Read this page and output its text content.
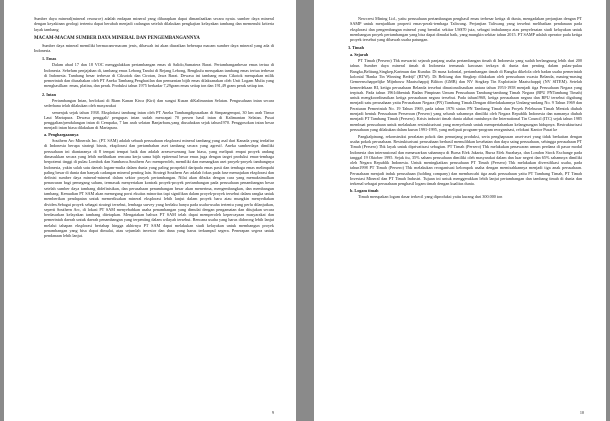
Sumber daya mineral(mineral resource) adalah endapan mineral yang diharapkan dapat dimanfaatkan secara nyata. sumber daya mineral dengan keyakinan geologi tertentu dapat berubah menjadi cadangan setelah dilakukan pengkajian kelayakan tambang dan memenuhi kriteria layak tambang

MACAM-MACAM SUMBER DAYA MINERAL DAN PENGEMBANGANNYA

Sumber daya mineral memiliki bermacam-macam jenis, dibawah ini akan diuraikan beberapa macam sumber daya mineral yang ada di Indonesia.

1. Emas

Dalam abad 17 dan 18 VOC menggalakkan pertambangan emas di Salido,Sumatera Barat. Pertambanganbesar emas tertua di Indonesia. Sebelum penjajahan di, tambang emas Lebong Tandai di Rejang Lebong, Bengkulu merupakan tambang emas tertua terbesar di Indonesia. Tambang besar terbesar di Ciksotok dan Cirotan, Jawa Barat. Dewasa ini tambang emas Cikotok merupakan milik pemerintah dan diusahakan oleh PT Aneka Tambang.Penghasilan dan pemurnian bijih emas dilaksanakan oleh Unit Logam Mulia yang menghasilkan: emas, platina, dan perak. Produksi tahun 1975 berkadar 7,29gram emas setiap ton dan 191,49 gram perak setiap ton.

2. Intan

Pertambangan Intan, berlokasi di Riam Kanan Kiwa (Kiri) dan sungai Kusan diKalimantan Selatan. Pengusahaan intan secara sederhana telah dilakukan oleh masyarakat

semenjak sejak tahun 1938. Eksploitasi tambang intan oleh PT Aneka Tambangdipusatkan di Simpangempat, 30 km arah Timur Laut Martapura. Dewasa penggali/ pengupas intan sudah mencapai 70 persen hasil intan di Kalimantan Selatan. Pusat penggalian/pendulangan intan di Cempaka, 7 km arah selatan Banjarbaru,yang diusahakan sejak tahun1970. Penggosokan intan besar menjadi intan biasa dilakukan di Martapura.

a. Penghargaannya

Southern Arc Minerals Inc. (PT. SAM) adalah sebuah perusahaan eksplorasi mineral tambang yang asal dari Kanada yang terdaftar di Indonesia berupa strategi bisnis, eksplorasi dan pertambahan aset tambang secara yang agresif. Aneka sumberdaya dimiliki perusahaan ini diantaranya di 8 tempat tempat baik dan adalah areawewenang luar biasa, yang meliputi empat proyek andang dimasukkan secara yang lebih melibatkan rencana kerja sama bijih epitermal besar emas juga dengan target produksi emas-tembaga berpotensi tinggi di pulau Lombok dan Sumbawa.Southern Arc memperoleh, memiliki dan menangkan aset proyek-proyek tambangnya Indonesia, yakin salah satu daerah logam-mulia dalam dunia yang paling prospektif daripada emas pasti dan tembaga emas melimpahi paling besar di dunia dan banyak cadangan mineral penting lain. Strategi Southern Arc adalah fokus pada fase memajukan eksplorasi dan definisi sumber daya mineral-mineral dalam sektor proyek pertambangan. Nilai akan dibuka dengan cara yang memaksimalkan penawaran bagi pemegang saham, termasuk menyertakan kontrak proyek-proyek pertambangan pada perusahaan penambangan besar setelah sumber daya tambang didefinisikan, dan perusahaan penambangan besar akan menerima, mengembangkan, dan membangun tambang. Kemudian PT SAM akan memegang porsi ekuitas minoritas tapi signifikan dalam proyek-proyek tersebut dalam rangka untuk memberikan pendapatan untuk memeriksakan mineral eksplorasi lebih lanjut dalam proyek baru atau mungkin menyediakan dividen.Sebagai proyek sebagai strategi tersebut, lembaga survey yang berlaku hanya pada usaha-usaha tertentu yang perlu dilanjutkan, seperti Southern Arc, di lokasi PT SAM menyebabkan usaha penambangan yang dimulai dengan pengamatan dan ditujukan secara berdasarkan kelayakan tambang ditetapkan. Mengatakan bahwa PT SAM telah dapat memperoleh kepercayaan masyarakat dan pemerintah daerah untuk daerah penambangan yang terpenting dalam wilayah tersebut. Rencana usaha yang harus didorong lebih lanjut melalui tahapan eksplorasi bertahap hingga akhirnya PT SAM dapat melakukan studi kelayakan untuk membangun proyek penambangan yang bisa dapat dimulai, atau sejumlah investor dan dana yang harus terkumpul segera. Penerapan segera untuk pendanaan lebih lanjut.

9

Newcrest Mining Ltd., yaitu perusahaan pertambangan penghasil emas terbesar ketiga di dunia, mengadakan perjanjian dengan PT SAMP untuk menjadikan properti emas-perak-tembaga Taliwang. Perjanjian Taliwang yang tersebut melibatkan pendanaan pada eksplorasi dan pengembangan mineral yang bernilai sekitar US$70 juta, sebagai imbalannya atas penyelesaian studi kelayakan untuk membangun proyek pertambangan yang bisa dapat dimulai baik, yang mungkin sekitar tahun 2015. PT SAMP adalah operator pada ketiga proyek tersebut yang dibawah usaha patungan.

3. Timah
a. Sejarah

PT Timah (Persero) Tbk mewarisi sejarah panjang usaha pertambangan timah di Indonesia yang sudah berlangsung lebih dari 200 tahun. Sumber daya mineral timah di Indonesia termasuk kawasan terkaya di dunia dan penting dalam pulau-pulau Bangka,Belitung,Singkep,Karimun dan Kundur. Di masa kolonial, pertambangan timah di Bangka dikelola oleh badan usaha pemerintah kolonial 'Banka Tin Winning Bedrijf' (BTW). Di Belitung dan Singkep dilakukan oleh perusahaan swasta Belanda, masing-masing Gemeenschappelijke Mijnbouw Maatschappij Biliton (GMB) dan NV Singkep Tin Exploitatie Maatschappij (NV SITEM). Setelah kemerdekaan RI, ketiga perusahaan Belanda tersebut dinasionalisasikan antara tahun 1953-1958 menjadi tiga Perusahaan Negara yang terpisah. Pada tahun 1961dibentuk Badan Pimpinan Umum Perusahaan Tambang-tambang Timah Negara (BPU PNTambang Timah) untuk mengkoordinasikan ketiga perusahaan negara tersebut. Pada tahun1968, ketiga perusahaan negara dan BPU tersebut digabung menjadi satu perusahaan yaitu Perusahaan Negara (PN) Tambang Timah.Dengan diberlakukannya Undang-undang No. 9 Tahun 1969 dan Peraturan Pemerintah No. 19 Tahun 1969, pada tahun 1976 status PN Tambang Timah dan Proyek Peleburan Timah Mentok diubah menjadi bentuk Perusahaan Perseroan (Persero) yang seluruh sahamnya dimiliki oleh Negara Republik Indonesia dan namanya diubah menjadi PT Tambang Timah (Persero). Krisis industri timah dunia akibat runtuhnya the International Tin Council (ITC) sejak tahun 1985 membuat perusahaan untuk melakukan restrukturisasi yang menyeluruh untuk mempertahankan kelangsungan hidupnya. Restrukturisasi perusahaan yang dilakukan dalam kurun 1991-1995, yang meliputi program-program reorganisasi, relokasi Kantor Pusat ke

Pangkalpinang, rekonstruksi peralatan pokok dan penunjang produksi, serta penghapusan asset-aset yang tidak berkaitan dengan usaha pokok perusahaan. Restrukturisasi perusahaan berhasil memulihkan kesehatan dan daya saing perusahaan, sehingga perusahaan PT Timah (Persero) Tbk layak untuk diprivatisasi sebagian. PT Timah (Persero) Tbk melakukan penawaran umum perdana di pasar modal Indonesia dan internasional dan menawarkan sahamnya di Bursa Efek Jakarta, Bursa Efek Surabaya, dan London Stock Exchange pada tanggal 19 Oktober 1995. Sejak itu, 35% saham perusahaan dimiliki oleh masyarakat dalam dan luar negeri dan 65% sahamnya dimiliki oleh Negara Republik Indonesia. Untuk meningkatkan perusahaan PT Timah (Persero) Tbk melakukan diversifikasi usaha, pada tahun1998 PT Timah (Persero) Tbk melakukan reorganisasi kelompok usaha dengan memisahkannya menjadi tiga anak perusahaan. Perusahaan menjadi induk perusahaan (holding company) dan membawahi tiga anak perusahaan yaitu PT Tambang Timah, PT Timah Investasi Mineral dan PT Timah Industri. Tujuan ini untuk menggerakkan lebih lanjut pertambangan dan tambang timah di dunia dan terkenal sebagai perusahaan penghasil logam timah dengan kualitas dunia.

b. Logam timah

Timah merupakan logam dasar terkecil yang diproduksi yaitu kurang dari 300.000 ton

10
